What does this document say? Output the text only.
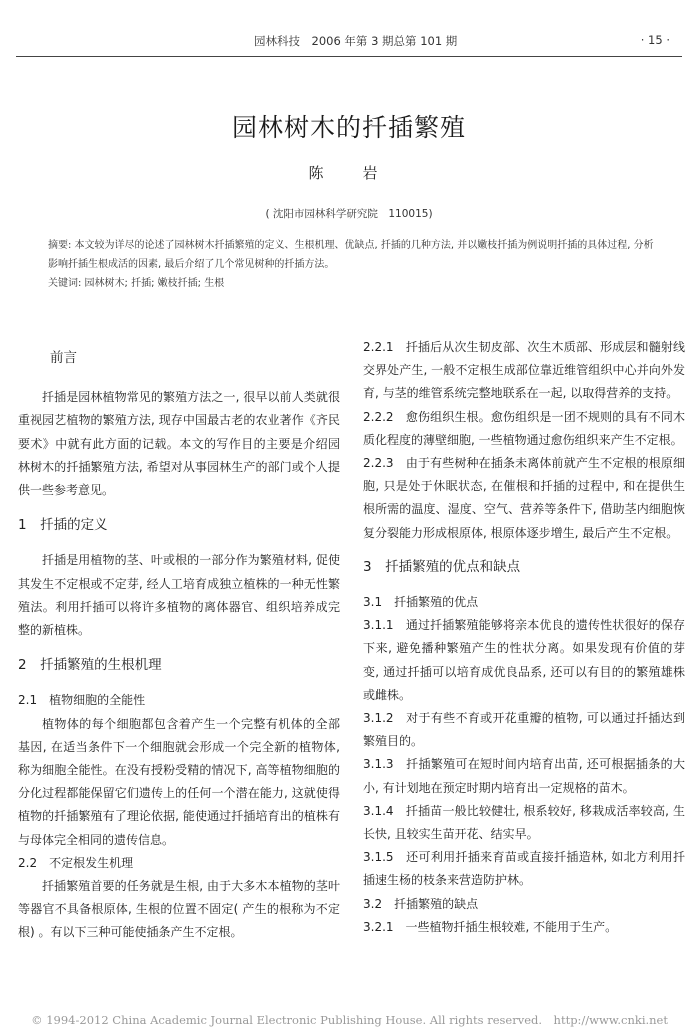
园林科技　2006 年第 3 期总第 101 期	· 15 ·
园林树木的扦插繁殖
陈　岩
( 沈阳市园林科学研究院　110015)
摘要: 本文较为详尽的论述了园林树木扦插繁殖的定义、生根机理、优缺点, 扦插的几种方法, 并以嫩枝扦插为例说明扦插的具体过程, 分析影响扦插生根成活的因素, 最后介绍了几个常见树种的扦插方法。
关键词: 园林树木; 扦插; 嫩枝扦插; 生根
前言
扦插是园林植物常见的繁殖方法之一, 很早以前人类就很重视园艺植物的繁殖方法, 现存中国最古老的农业著作《齐民要术》中就有此方面的记载。本文的写作目的主要是介绍园林树木的扦插繁殖方法, 希望对从事园林生产的部门或个人提供一些参考意见。
1　扦插的定义
扦插是用植物的茎、叶或根的一部分作为繁殖材料, 促使其发生不定根或不定芽, 经人工培育成独立植株的一种无性繁殖法。利用扦插可以将许多植物的离体器官、组织培养成完整的新植株。
2　扦插繁殖的生根机理
2.1　植物细胞的全能性
植物体的每个细胞都包含着产生一个完整有机体的全部基因, 在适当条件下一个细胞就会形成一个完全新的植物体, 称为细胞全能性。在没有授粉受精的情况下, 高等植物细胞的分化过程都能保留它们遗传上的任何一个潜在能力, 这就使得植物的扦插繁殖有了理论依据, 能使通过扦插培育出的植株有与母体完全相同的遗传信息。
2.2　不定根发生机理
扦插繁殖首要的任务就是生根, 由于大多木本植物的茎叶等器官不具备根原体, 生根的位置不固定( 产生的根称为不定根) 。有以下三种可能使插条产生不定根。
2.2.1　扦插后从次生韧皮部、次生木质部、形成层和髓射线交界处产生, 一般不定根生成部位靠近维管组织中心并向外发育, 与茎的维管系统完整地联系在一起, 以取得营养的支持。
2.2.2　愈伤组织生根。愈伤组织是一团不规则的具有不同木质化程度的薄壁细胞, 一些植物通过愈伤组织来产生不定根。
2.2.3　由于有些树种在插条未离体前就产生不定根的根原细胞, 只是处于休眠状态, 在催根和扦插的过程中, 和在提供生根所需的温度、湿度、空气、营养等条件下, 借助茎内细胞恢复分裂能力形成根原体, 根原体逐步增生, 最后产生不定根。
3　扦插繁殖的优点和缺点
3.1　扦插繁殖的优点
3.1.1　通过扦插繁殖能够将亲本优良的遗传性状很好的保存下来, 避免播种繁殖产生的性状分离。如果发现有价值的芽变, 通过扦插可以培育成优良品系, 还可以有目的的繁殖雄株或雌株。
3.1.2　对于有些不育或开花重瓣的植物, 可以通过扦插达到繁殖目的。
3.1.3　扦插繁殖可在短时间内培育出苗, 还可根据插条的大小, 有计划地在预定时期内培育出一定规格的苗木。
3.1.4　扦插苗一般比较健壮, 根系较好, 移栽成活率较高, 生长快, 且较实生苗开花、结实早。
3.1.5　还可利用扦插来育苗或直接扦插造林, 如北方利用扦插速生杨的枝条来营造防护林。
3.2　扦插繁殖的缺点
3.2.1　一些植物扦插生根较难, 不能用于生产。
© 1994-2012 China Academic Journal Electronic Publishing House. All rights reserved.　http://www.cnki.net
